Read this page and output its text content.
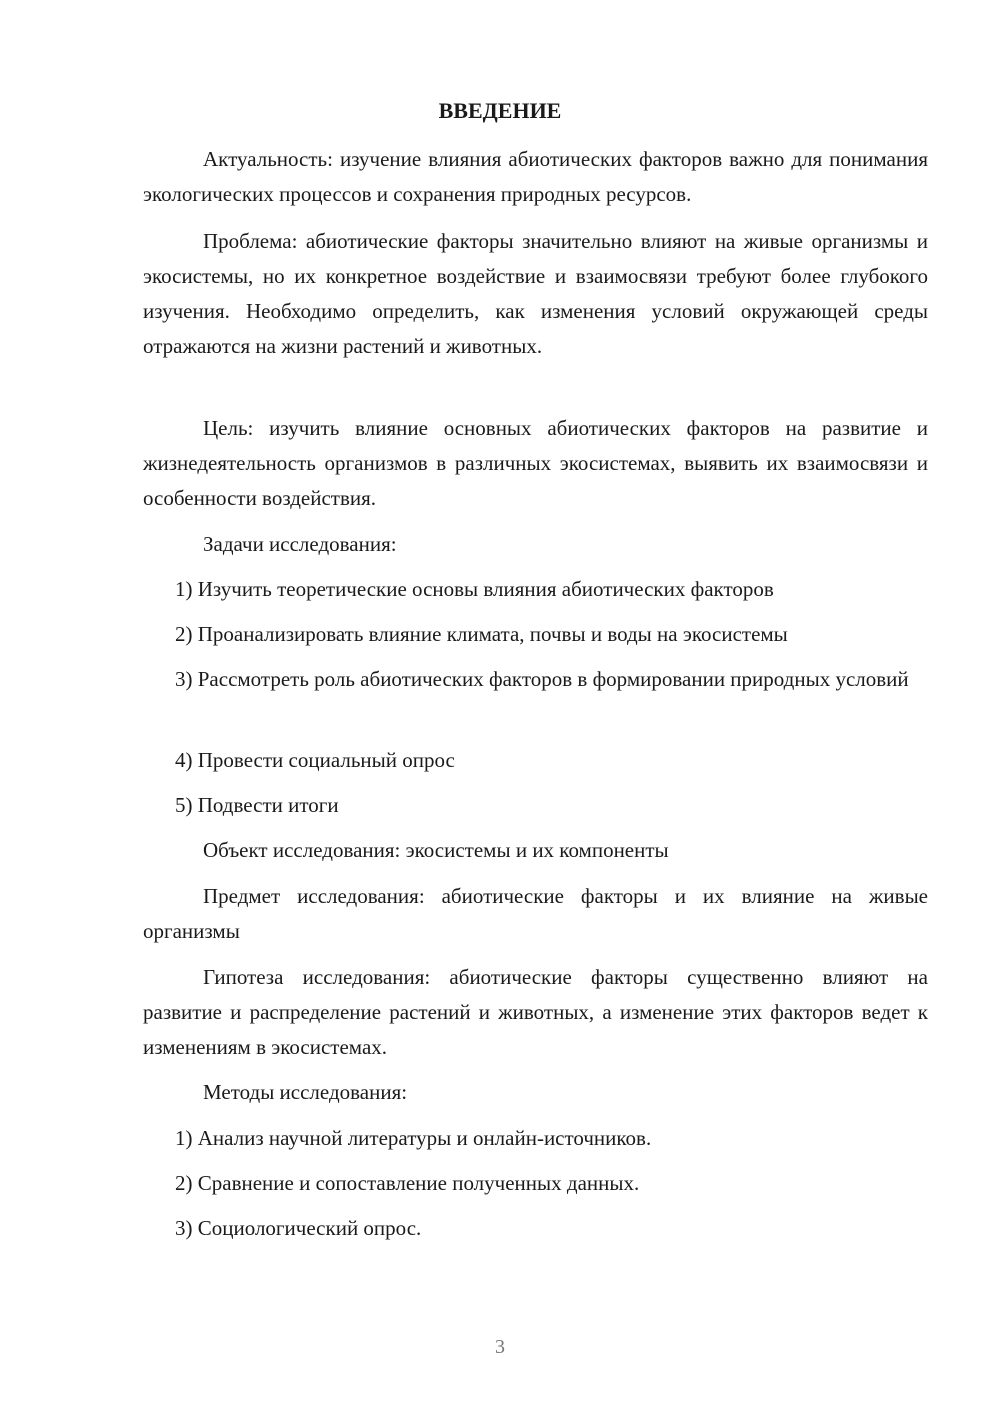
ВВЕДЕНИЕ

Актуальность: изучение влияния абиотических факторов важно для понимания экологических процессов и сохранения природных ресурсов.

Проблема: абиотические факторы значительно влияют на живые организмы и экосистемы, но их конкретное воздействие и взаимосвязи требуют более глубокого изучения. Необходимо определить, как изменения условий окружающей среды отражаются на жизни растений и животных.

Цель: изучить влияние основных абиотических факторов на развитие и жизнедеятельность организмов в различных экосистемах, выявить их взаимосвязи и особенности воздействия.

Задачи исследования:

1) Изучить теоретические основы влияния абиотических факторов

2) Проанализировать влияние климата, почвы и воды на экосистемы

3) Рассмотреть роль абиотических факторов в формировании природных условий

4) Провести социальный опрос

5) Подвести итоги

Объект исследования: экосистемы и их компоненты

Предмет исследования: абиотические факторы и их влияние на живые организмы

Гипотеза исследования: абиотические факторы существенно влияют на развитие и распределение растений и животных, а изменение этих факторов ведет к изменениям в экосистемах.

Методы исследования:

1) Анализ научной литературы и онлайн-источников.

2) Сравнение и сопоставление полученных данных.

3) Социологический опрос.

3
